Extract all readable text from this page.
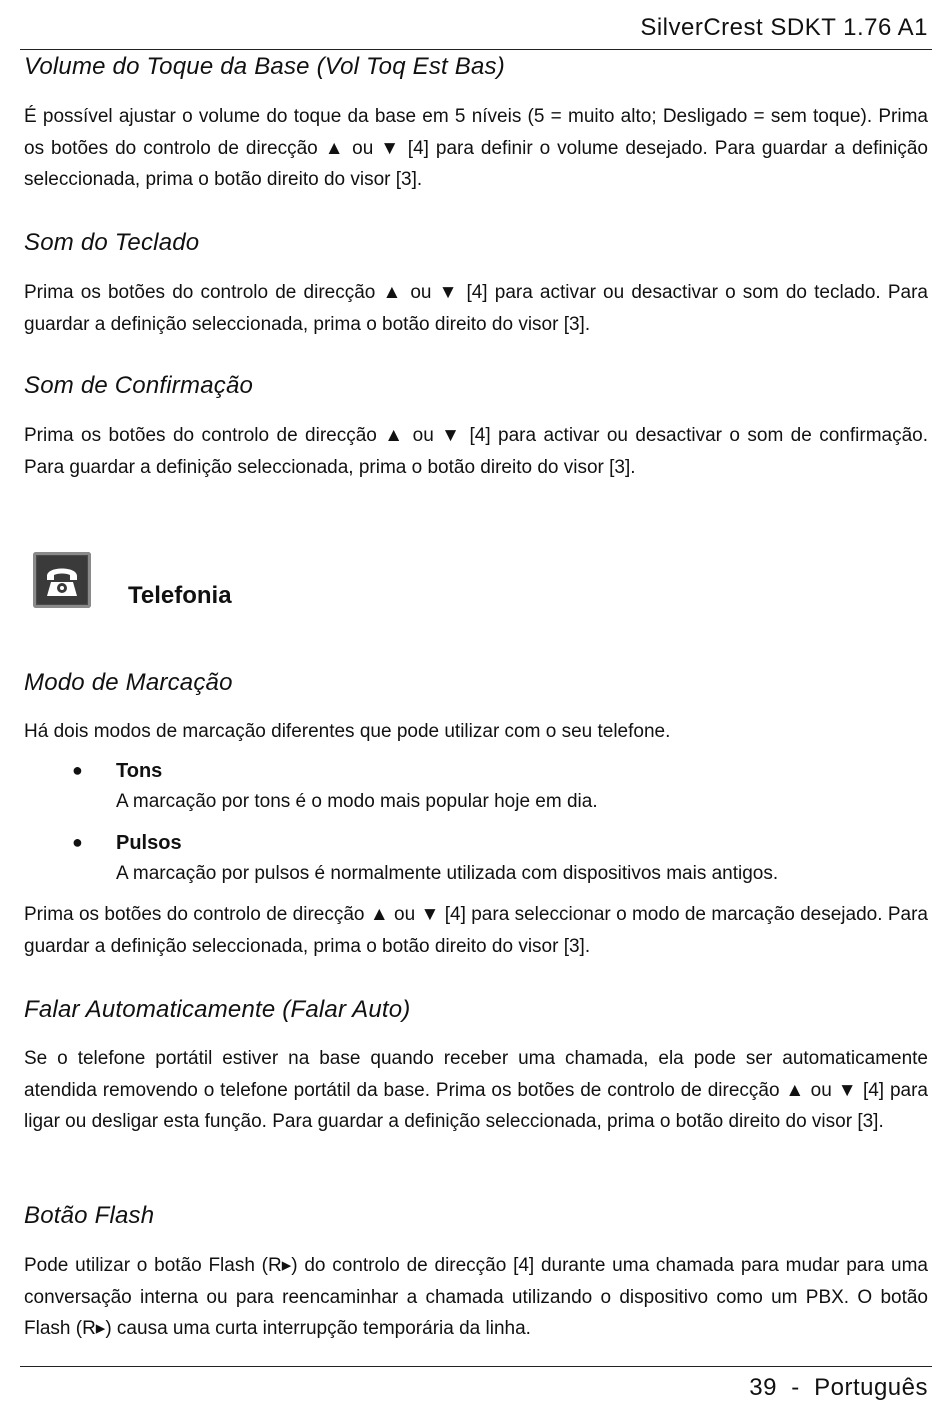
SilverCrest SDKT 1.76 A1
Volume do Toque da Base (Vol Toq Est Bas)

É possível ajustar o volume do toque da base em 5 níveis (5 = muito alto; Desligado = sem toque). Prima os botões do controlo de direcção ▲ ou ▼ [4] para definir o volume desejado. Para guardar a definição seleccionada, prima o botão direito do visor [3].

Som do Teclado

Prima os botões do controlo de direcção ▲ ou ▼ [4] para activar ou desactivar o som do teclado. Para guardar a definição seleccionada, prima o botão direito do visor [3].

Som de Confirmação

Prima os botões do controlo de direcção ▲ ou ▼ [4] para activar ou desactivar o som de confirmação. Para guardar a definição seleccionada, prima o botão direito do visor [3].

Telefonia
Modo de Marcação

Há dois modos de marcação diferentes que pode utilizar com o seu telefone.

● Tons
A marcação por tons é o modo mais popular hoje em dia.
● Pulsos
A marcação por pulsos é normalmente utilizada com dispositivos mais antigos.

Prima os botões do controlo de direcção ▲ ou ▼ [4] para seleccionar o modo de marcação desejado. Para guardar a definição seleccionada, prima o botão direito do visor [3].

Falar Automaticamente (Falar Auto)

Se o telefone portátil estiver na base quando receber uma chamada, ela pode ser automaticamente atendida removendo o telefone portátil da base. Prima os botões de controlo de direcção ▲ ou ▼ [4] para ligar ou desligar esta função. Para guardar a definição seleccionada, prima o botão direito do visor [3].

Botão Flash

Pode utilizar o botão Flash (R▸) do controlo de direcção [4] durante uma chamada para mudar para uma conversação interna ou para reencaminhar a chamada utilizando o dispositivo como um PBX. O botão Flash (R▸) causa uma curta interrupção temporária da linha.

39  -  Português
